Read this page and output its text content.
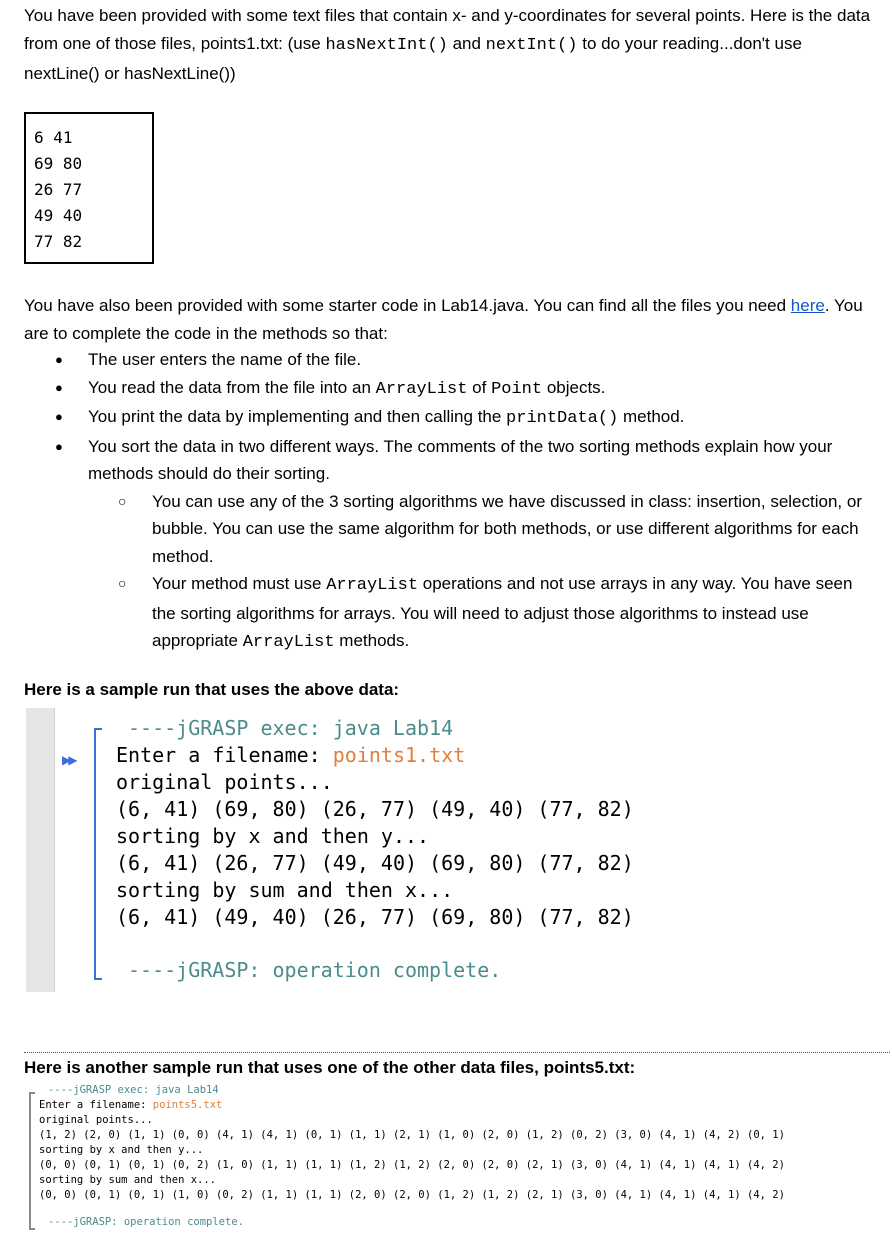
You have been provided with some text files that contain x- and y-coordinates for several points. Here is the data from one of those files, points1.txt: (use hasNextInt() and nextInt() to do your reading...don't use nextLine() or hasNextLine())
6 41
69 80
26 77
49 40
77 82
You have also been provided with some starter code in Lab14.java. You can find all the files you need here. You are to complete the code in the methods so that:
● The user enters the name of the file.
● You read the data from the file into an ArrayList of Point objects.
● You print the data by implementing and then calling the printData() method.
● You sort the data in two different ways. The comments of the two sorting methods explain how your methods should do their sorting.
○ You can use any of the 3 sorting algorithms we have discussed in class: insertion, selection, or bubble. You can use the same algorithm for both methods, or use different algorithms for each method.
○ Your method must use ArrayList operations and not use arrays in any way. You have seen the sorting algorithms for arrays. You will need to adjust those algorithms to instead use appropriate ArrayList methods.
Here is a sample run that uses the above data:
▶▶
----jGRASP exec: java Lab14
Enter a filename: points1.txt
original points...
(6, 41) (69, 80) (26, 77) (49, 40) (77, 82)
sorting by x and then y...
(6, 41) (26, 77) (49, 40) (69, 80) (77, 82)
sorting by sum and then x...
(6, 41) (49, 40) (26, 77) (69, 80) (77, 82)
----jGRASP: operation complete.
Here is another sample run that uses one of the other data files, points5.txt:
----jGRASP exec: java Lab14
Enter a filename: points5.txt
original points...
(1, 2) (2, 0) (1, 1) (0, 0) (4, 1) (4, 1) (0, 1) (1, 1) (2, 1) (1, 0) (2, 0) (1, 2) (0, 2) (3, 0) (4, 1) (4, 2) (0, 1)
sorting by x and then y...
(0, 0) (0, 1) (0, 1) (0, 2) (1, 0) (1, 1) (1, 1) (1, 2) (1, 2) (2, 0) (2, 0) (2, 1) (3, 0) (4, 1) (4, 1) (4, 1) (4, 2)
sorting by sum and then x...
(0, 0) (0, 1) (0, 1) (1, 0) (0, 2) (1, 1) (1, 1) (2, 0) (2, 0) (1, 2) (1, 2) (2, 1) (3, 0) (4, 1) (4, 1) (4, 1) (4, 2)
----jGRASP: operation complete.
